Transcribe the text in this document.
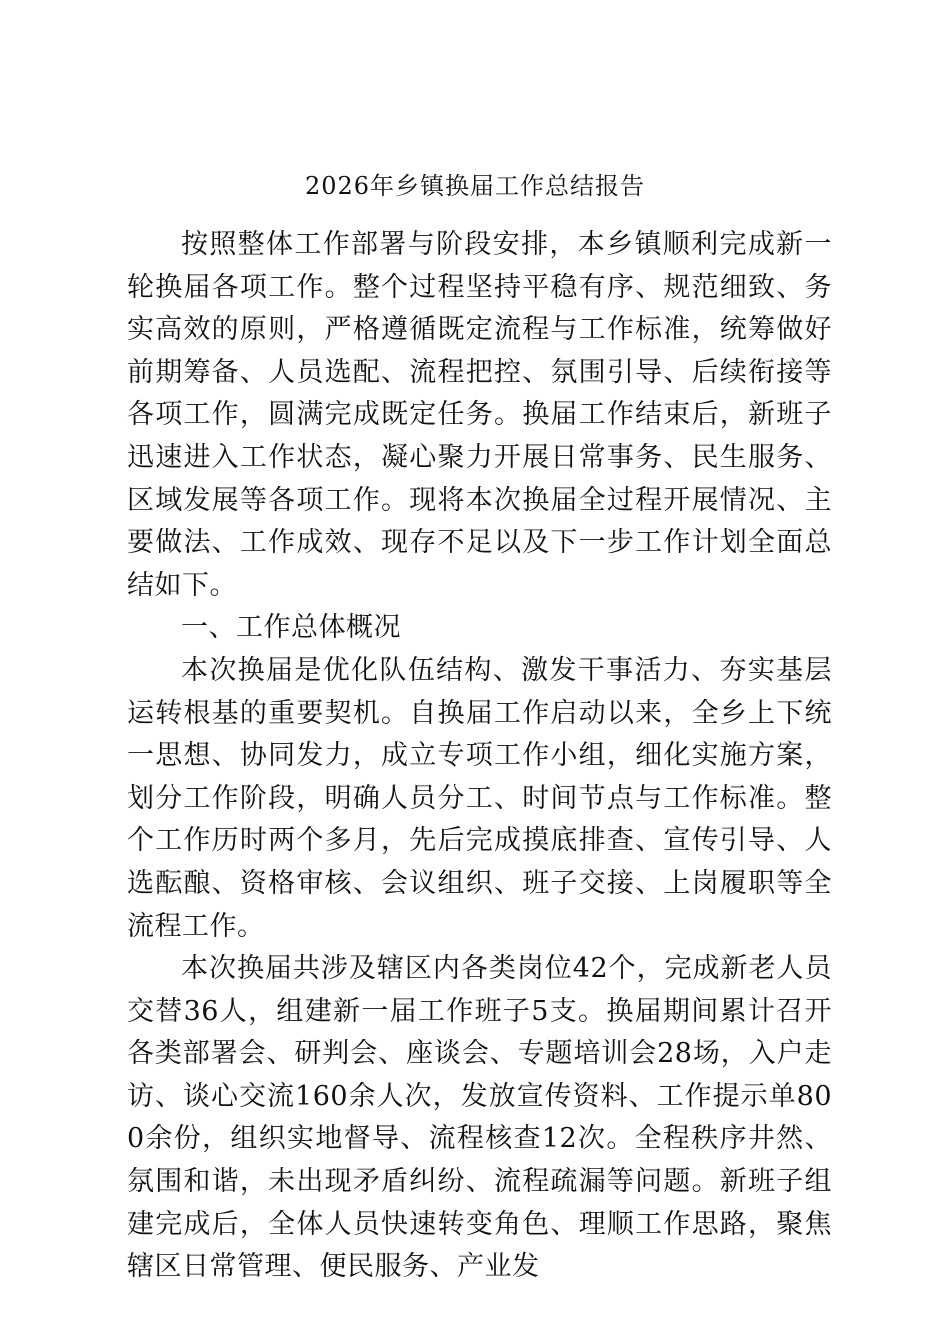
2026年乡镇换届工作总结报告

按照整体工作部署与阶段安排，本乡镇顺利完成新一轮换届各项工作。整个过程坚持平稳有序、规范细致、务实高效的原则，严格遵循既定流程与工作标准，统筹做好前期筹备、人员选配、流程把控、氛围引导、后续衔接等各项工作，圆满完成既定任务。换届工作结束后，新班子迅速进入工作状态，凝心聚力开展日常事务、民生服务、区域发展等各项工作。现将本次换届全过程开展情况、主要做法、工作成效、现存不足以及下一步工作计划全面总结如下。

一、工作总体概况

本次换届是优化队伍结构、激发干事活力、夯实基层运转根基的重要契机。自换届工作启动以来，全乡上下统一思想、协同发力，成立专项工作小组，细化实施方案，划分工作阶段，明确人员分工、时间节点与工作标准。整个工作历时两个多月，先后完成摸底排查、宣传引导、人选酝酿、资格审核、会议组织、班子交接、上岗履职等全流程工作。

本次换届共涉及辖区内各类岗位42个，完成新老人员交替36人，组建新一届工作班子5支。换届期间累计召开各类部署会、研判会、座谈会、专题培训会28场，入户走访、谈心交流160余人次，发放宣传资料、工作提示单800余份，组织实地督导、流程核查12次。全程秩序井然、氛围和谐，未出现矛盾纠纷、流程疏漏等问题。新班子组建完成后，全体人员快速转变角色、理顺工作思路，聚焦辖区日常管理、便民服务、产业发
